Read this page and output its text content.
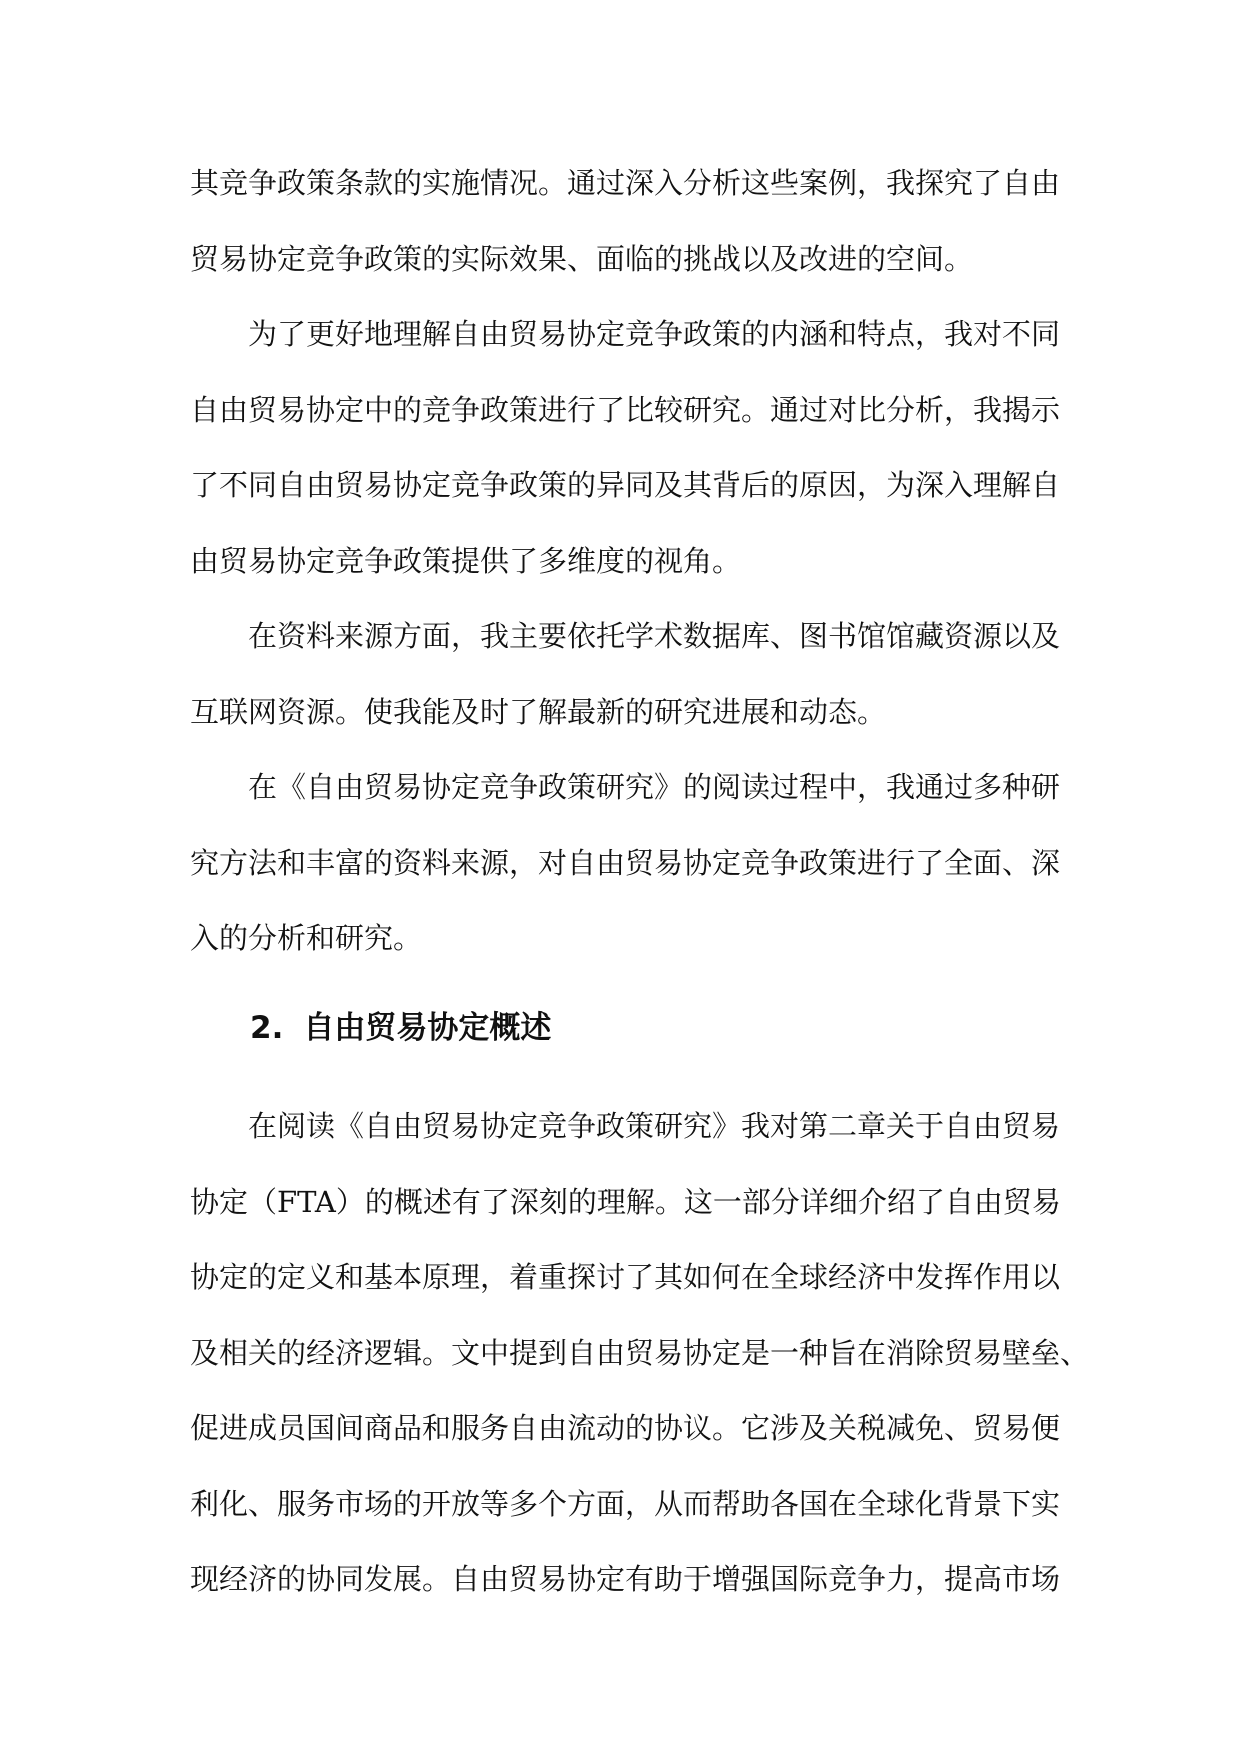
其竞争政策条款的实施情况。通过深入分析这些案例，我探究了自由
贸易协定竞争政策的实际效果、面临的挑战以及改进的空间。

为了更好地理解自由贸易协定竞争政策的内涵和特点，我对不同
自由贸易协定中的竞争政策进行了比较研究。通过对比分析，我揭示
了不同自由贸易协定竞争政策的异同及其背后的原因，为深入理解自
由贸易协定竞争政策提供了多维度的视角。

在资料来源方面，我主要依托学术数据库、图书馆馆藏资源以及
互联网资源。使我能及时了解最新的研究进展和动态。

在《自由贸易协定竞争政策研究》的阅读过程中，我通过多种研
究方法和丰富的资料来源，对自由贸易协定竞争政策进行了全面、深
入的分析和研究。

2. 自由贸易协定概述

在阅读《自由贸易协定竞争政策研究》我对第二章关于自由贸易
协定（FTA）的概述有了深刻的理解。这一部分详细介绍了自由贸易
协定的定义和基本原理，着重探讨了其如何在全球经济中发挥作用以
及相关的经济逻辑。文中提到自由贸易协定是一种旨在消除贸易壁垒、
促进成员国间商品和服务自由流动的协议。它涉及关税减免、贸易便
利化、服务市场的开放等多个方面，从而帮助各国在全球化背景下实
现经济的协同发展。自由贸易协定有助于增强国际竞争力，提高市场
